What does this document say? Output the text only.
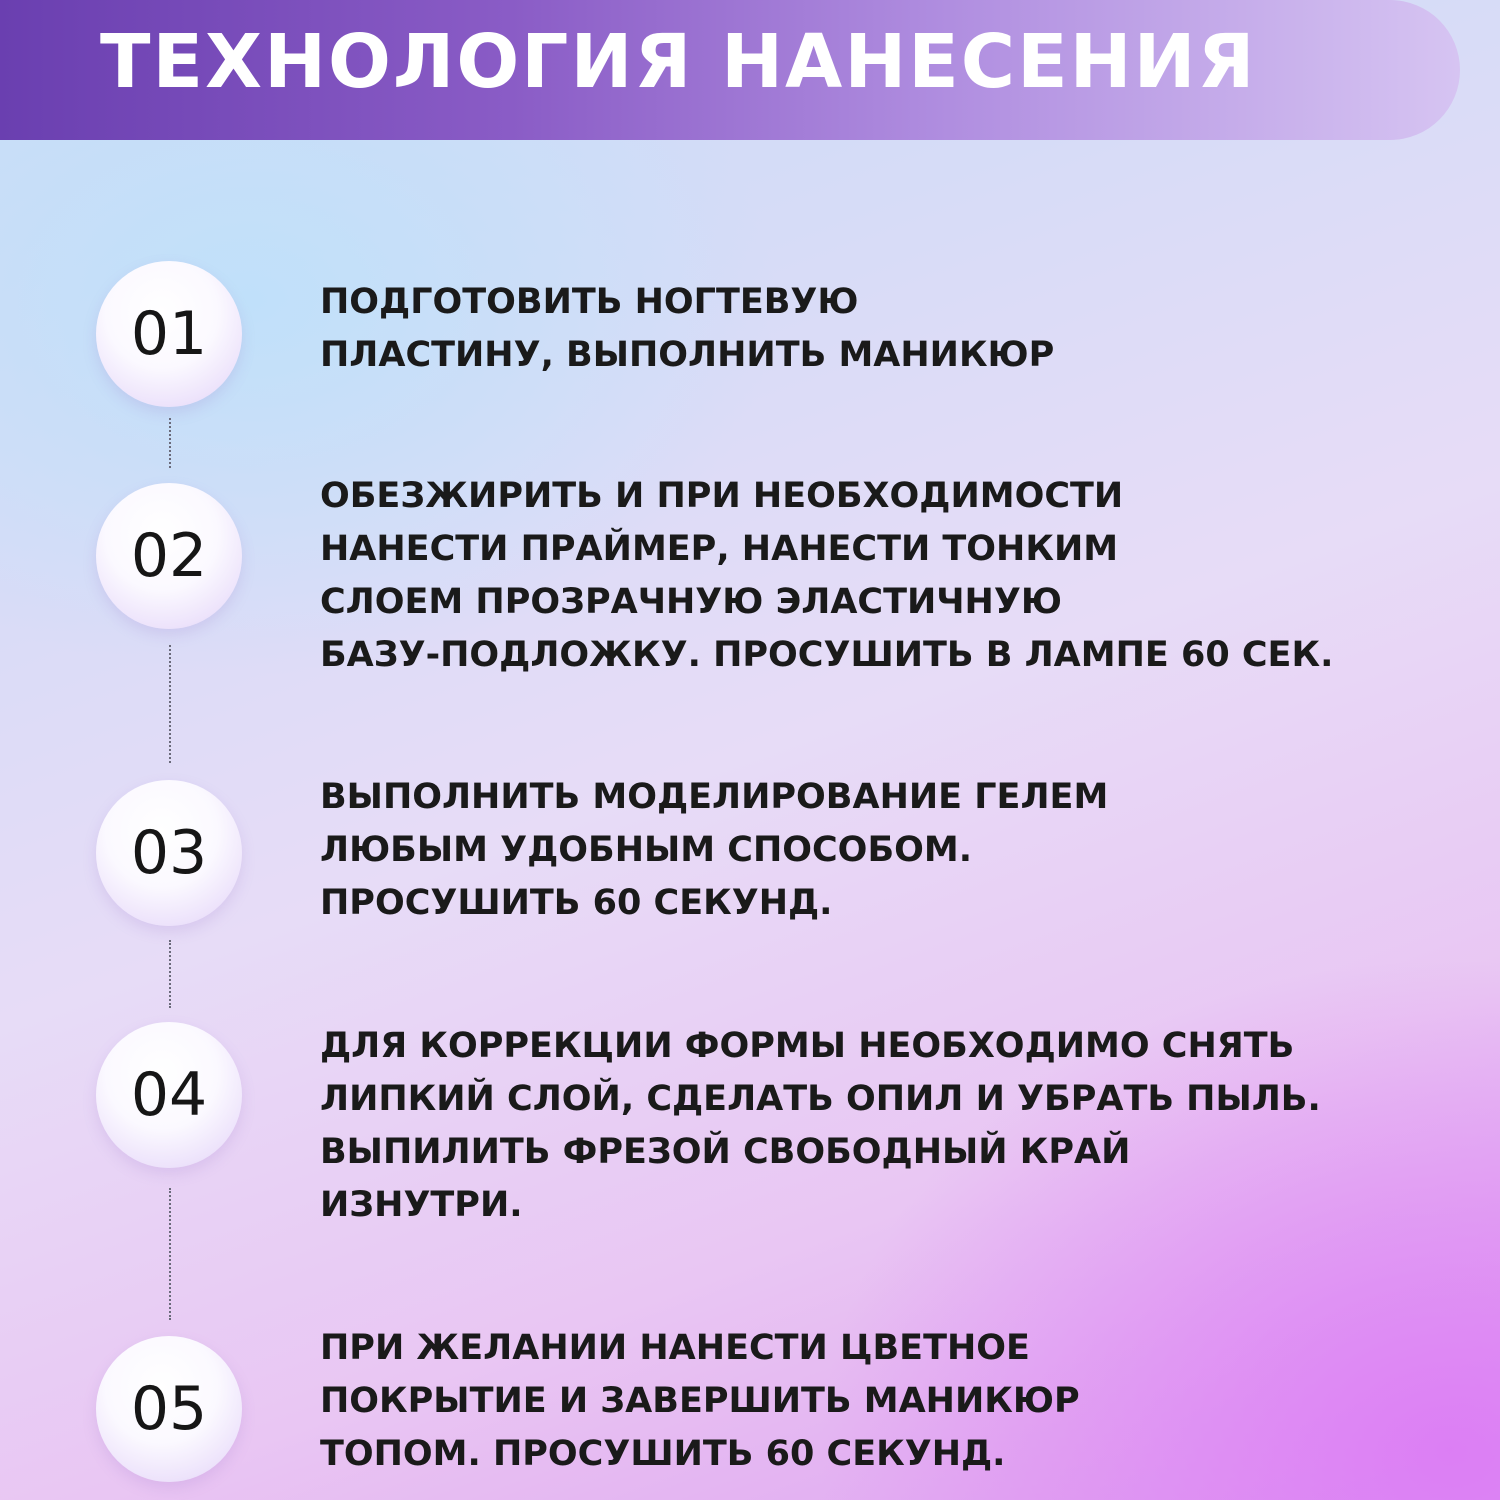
ТЕХНОЛОГИЯ НАНЕСЕНИЯ
01	ПОДГОТОВИТЬ НОГТЕВУЮ
ПЛАСТИНУ, ВЫПОЛНИТЬ МАНИКЮР

02

ОБЕЗЖИРИТЬ И ПРИ НЕОБХОДИМОСТИ
НАНЕСТИ ПРАЙМЕР, НАНЕСТИ ТОНКИМ
СЛОЕМ ПРОЗРАЧНУЮ ЭЛАСТИЧНУЮ
БАЗУ-ПОДЛОЖКУ. ПРОСУШИТЬ В ЛАМПЕ 60 СЕК.

03

ВЫПОЛНИТЬ МОДЕЛИРОВАНИЕ ГЕЛЕМ
ЛЮБЫМ УДОБНЫМ СПОСОБОМ.
ПРОСУШИТЬ 60 СЕКУНД.

04

ДЛЯ КОРРЕКЦИИ ФОРМЫ НЕОБХОДИМО СНЯТЬ
ЛИПКИЙ СЛОЙ, СДЕЛАТЬ ОПИЛ И УБРАТЬ ПЫЛЬ.
ВЫПИЛИТЬ ФРЕЗОЙ СВОБОДНЫЙ КРАЙ
ИЗНУТРИ.

05

ПРИ ЖЕЛАНИИ НАНЕСТИ ЦВЕТНОЕ
ПОКРЫТИЕ И ЗАВЕРШИТЬ МАНИКЮР
ТОПОМ. ПРОСУШИТЬ 60 СЕКУНД.
